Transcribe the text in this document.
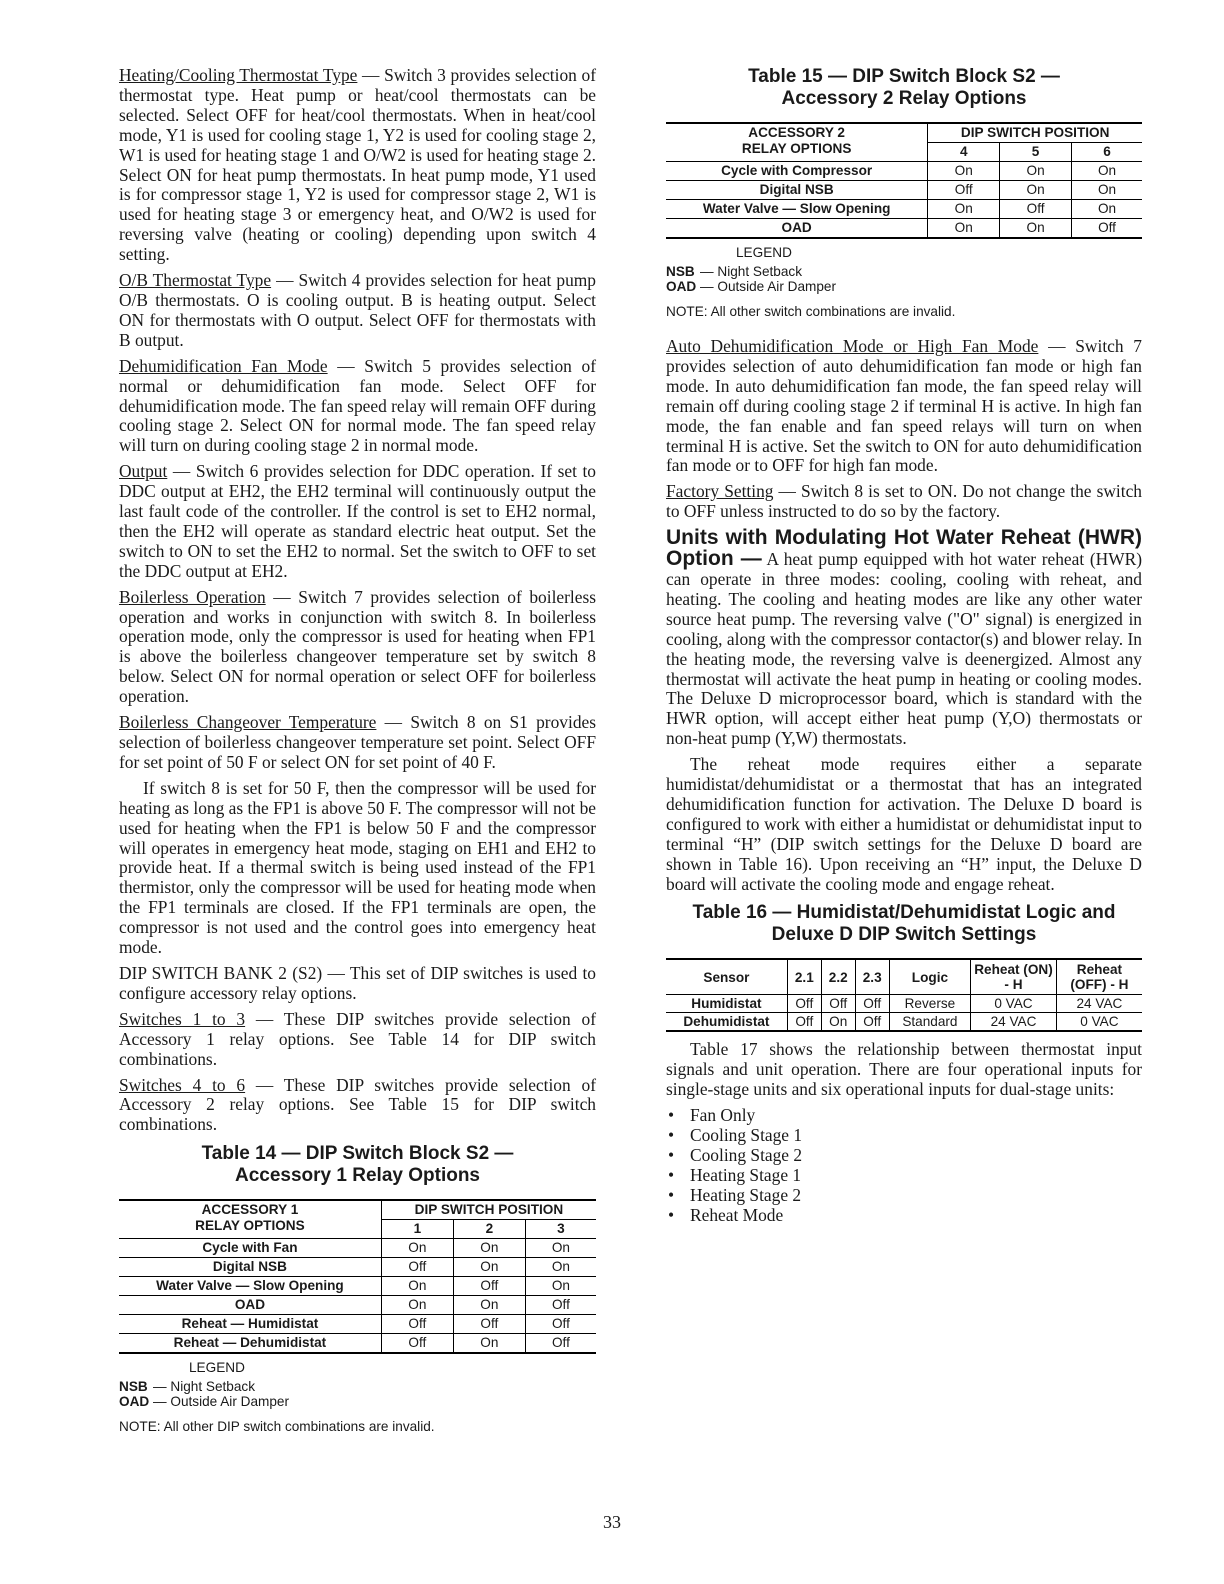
Heating/Cooling Thermostat Type — Switch 3 provides selection of thermostat type. Heat pump or heat/cool thermostats can be selected. Select OFF for heat/cool thermostats. When in heat/cool mode, Y1 is used for cooling stage 1, Y2 is used for cooling stage 2, W1 is used for heating stage 1 and O/W2 is used for heating stage 2. Select ON for heat pump thermostats. In heat pump mode, Y1 used is for compressor stage 1, Y2 is used for compressor stage 2, W1 is used for heating stage 3 or emergency heat, and O/W2 is used for reversing valve (heating or cooling) depending upon switch 4 setting.

O/B Thermostat Type — Switch 4 provides selection for heat pump O/B thermostats. O is cooling output. B is heating output. Select ON for thermostats with O output. Select OFF for thermostats with B output.

Dehumidification Fan Mode — Switch 5 provides selection of normal or dehumidification fan mode. Select OFF for dehumidification mode. The fan speed relay will remain OFF during cooling stage 2. Select ON for normal mode. The fan speed relay will turn on during cooling stage 2 in normal mode.

Output — Switch 6 provides selection for DDC operation. If set to DDC output at EH2, the EH2 terminal will continuously output the last fault code of the controller. If the control is set to EH2 normal, then the EH2 will operate as standard electric heat output. Set the switch to ON to set the EH2 to normal. Set the switch to OFF to set the DDC output at EH2.

Boilerless Operation — Switch 7 provides selection of boilerless operation and works in conjunction with switch 8. In boilerless operation mode, only the compressor is used for heating when FP1 is above the boilerless changeover temperature set by switch 8 below. Select ON for normal operation or select OFF for boilerless operation.

Boilerless Changeover Temperature — Switch 8 on S1 provides selection of boilerless changeover temperature set point. Select OFF for set point of 50 F or select ON for set point of 40 F.

If switch 8 is set for 50 F, then the compressor will be used for heating as long as the FP1 is above 50 F. The compressor will not be used for heating when the FP1 is below 50 F and the compressor will operates in emergency heat mode, staging on EH1 and EH2 to provide heat. If a thermal switch is being used instead of the FP1 thermistor, only the compressor will be used for heating mode when the FP1 terminals are closed. If the FP1 terminals are open, the compressor is not used and the control goes into emergency heat mode.

DIP SWITCH BANK 2 (S2) — This set of DIP switches is used to configure accessory relay options.

Switches 1 to 3 — These DIP switches provide selection of Accessory 1 relay options. See Table 14 for DIP switch combinations.

Switches 4 to 6 — These DIP switches provide selection of Accessory 2 relay options. See Table 15 for DIP switch combinations.

Table 14 — DIP Switch Block S2 —
Accessory 1 Relay Options
ACCESSORY 1
RELAY OPTIONS	DIP SWITCH POSITION		
	1	2	3
Cycle with Fan	On	On	On
Digital NSB	Off	On	On
Water Valve — Slow Opening	On	Off	On
OAD	On	On	Off
Reheat — Humidistat	Off	Off	Off
Reheat — Dehumidistat	Off	On	Off
LEGEND
NSB — Night Setback
OAD — Outside Air Damper
NOTE: All other DIP switch combinations are invalid.
Table 15 — DIP Switch Block S2 —
Accessory 2 Relay Options
ACCESSORY 2
RELAY OPTIONS	DIP SWITCH POSITION		
	4	5	6
Cycle with Compressor	On	On	On
Digital NSB	Off	On	On
Water Valve — Slow Opening	On	Off	On
OAD	On	On	Off
LEGEND
NSB — Night Setback
OAD — Outside Air Damper
NOTE: All other switch combinations are invalid.

Auto Dehumidification Mode or High Fan Mode — Switch 7 provides selection of auto dehumidification fan mode or high fan mode. In auto dehumidification fan mode, the fan speed relay will remain off during cooling stage 2 if terminal H is active. In high fan mode, the fan enable and fan speed relays will turn on when terminal H is active. Set the switch to ON for auto dehumidification fan mode or to OFF for high fan mode.

Factory Setting — Switch 8 is set to ON. Do not change the switch to OFF unless instructed to do so by the factory.

Units with Modulating Hot Water Reheat (HWR) Option — A heat pump equipped with hot water reheat (HWR) can operate in three modes: cooling, cooling with reheat, and heating. The cooling and heating modes are like any other water source heat pump. The reversing valve ("O" signal) is energized in cooling, along with the compressor contactor(s) and blower relay. In the heating mode, the reversing valve is deenergized. Almost any thermostat will activate the heat pump in heating or cooling modes. The Deluxe D microprocessor board, which is standard with the HWR option, will accept either heat pump (Y,O) thermostats or non-heat pump (Y,W) thermostats.

The reheat mode requires either a separate humidistat/dehumidistat or a thermostat that has an integrated dehumidification function for activation. The Deluxe D board is configured to work with either a humidistat or dehumidistat input to terminal “H” (DIP switch settings for the Deluxe D board are shown in Table 16). Upon receiving an “H” input, the Deluxe D board will activate the cooling mode and engage reheat.

Table 16 — Humidistat/Dehumidistat Logic and
Deluxe D DIP Switch Settings
Sensor	2.1	2.2	2.3	Logic	Reheat (ON) - H	Reheat (OFF) - H
Humidistat	Off	Off	Off	Reverse	0 VAC	24 VAC
Dehumidistat	Off	On	Off	Standard	24 VAC	0 VAC

Table 17 shows the relationship between thermostat input signals and unit operation. There are four operational inputs for single-stage units and six operational inputs for dual-stage units:

• Fan Only
• Cooling Stage 1
• Cooling Stage 2
• Heating Stage 1
• Heating Stage 2
• Reheat Mode
33
